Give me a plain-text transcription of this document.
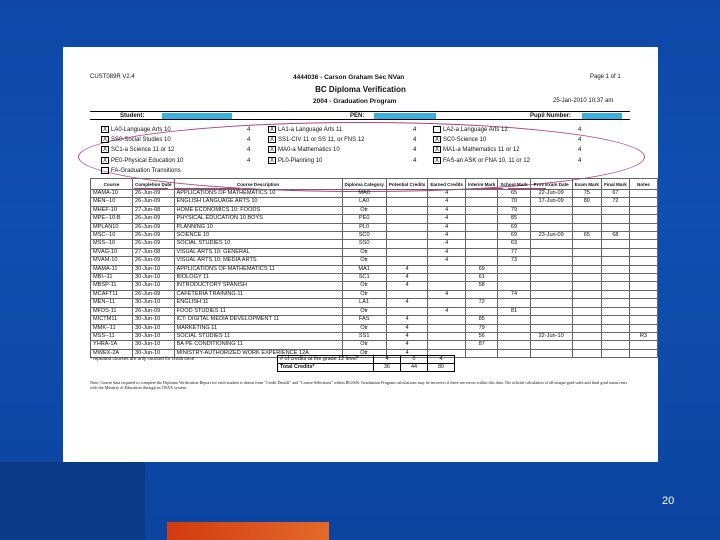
20
CUST089R V2.4	4444036 - Carson Graham Sec NVan	Page 1 of 1
BC Diploma Verification
2004 - Graduation Program	25-Jan-2010 10:37 am
Student:	PEN:	Pupil Number:
X LA0-Language Arts 10	4	X LA1-a Language Arts 11	4	LA2-a Language Arts 12	4
X SS0-Social Studies 10	4	X SS1-CIV 11 or SS 11, or FNS 12	4	X SC0-Science 10	4
X SC1-a Science 11 or 12	4	X MA0-a Mathematics 10	4	X MA1-a Mathematics 11 or 12	4
X PE0-Physical Education 10	4	X PL0-Planning 10	4	X FAS-an ASK or FNA 10, 11 or 12	4
FA-Graduation Transitions
Course	Completion Date	Course Description	Diploma Category	Potential Credits	Earned Credits	Interim Mark	School Mark	Prov Exam Date	Exam Mark	Final Mark	Notes
MAMA-10	26-Jun-09	APPLICATIONS OF MATHEMATICS 10	MA0		4		65	22-Jun-09	75	67	
MEN--10	26-Jun-09	ENGLISH LANGUAGE ARTS 10	LA0		4		70	17-Jun-09	80	72	
MHEF-10	27-Jun-08	HOME ECONOMICS 10: FOODS	Otr		4		79				
MPE--10-B	26-Jun-09	PHYSICAL EDUCATION 10 BOYS	PE0		4		85				
MPLAN10	26-Jun-09	PLANNING 10	PL0		4		69				
MSC--10	26-Jun-09	SCIENCE 10	SC0		4		69	23-Jun-09	65	68	
MSS--10	26-Jun-09	SOCIAL STUDIES 10	SS0		4		63				
MVAG-10	27-Jun-08	VISUAL ARTS 10: GENERAL	Otr		4		77				
MVAM-10	26-Jun-09	VISUAL ARTS 10: MEDIA ARTS	Otr		4		73				
MAMA-11	30-Jun-10	APPLICATIONS OF MATHEMATICS 11	MA1	4		69					
MBI--11	30-Jun-10	BIOLOGY 11	SC1	4		61					
MBSP-11	30-Jun-10	INTRODUCTORY SPANISH	Otr	4		58					
MCAFT11	26-Jun-09	CAFETERIA TRAINING 11	Otr		4		74				
MEN--11	30-Jun-10	ENGLISH 11	LA1	4		72					
MFDS-11	26-Jun-09	FOOD STUDIES 11	Otr		4		81				
MICTM11	30-Jun-10	ICT: DIGITAL MEDIA DEVELOPMENT 11	FAS	4		85					
MMK--11	30-Jun-10	MARKETING 11	Otr	4		79					
MSS--11	30-Jun-10	SOCIAL STUDIES 11	SS1	4		56		22-Jun-10			R3
YHRA-1A	30-Jun-10	BA PE CONDITIONING 11	Otr	4		87					
MWEX-2A	30-Jun-10	MINISTRY-AUTHORIZED WORK EXPERIENCE 12A	Otr	4							
* repeated courses are only counted for credit once	# of credits at the grade 12 level*	4	0	4
Total Credits*	36	44	80
Note: Course data required to complete the Diploma Verification Report for each student is drawn from "Credit Details" and "Course Selections" within BCeSIS. Graduation Program calculations may be incorrect if there are errors within this data. The official calculation of all unique grad sales and final grad status rests with the Ministry of Education through its TRAX system.
